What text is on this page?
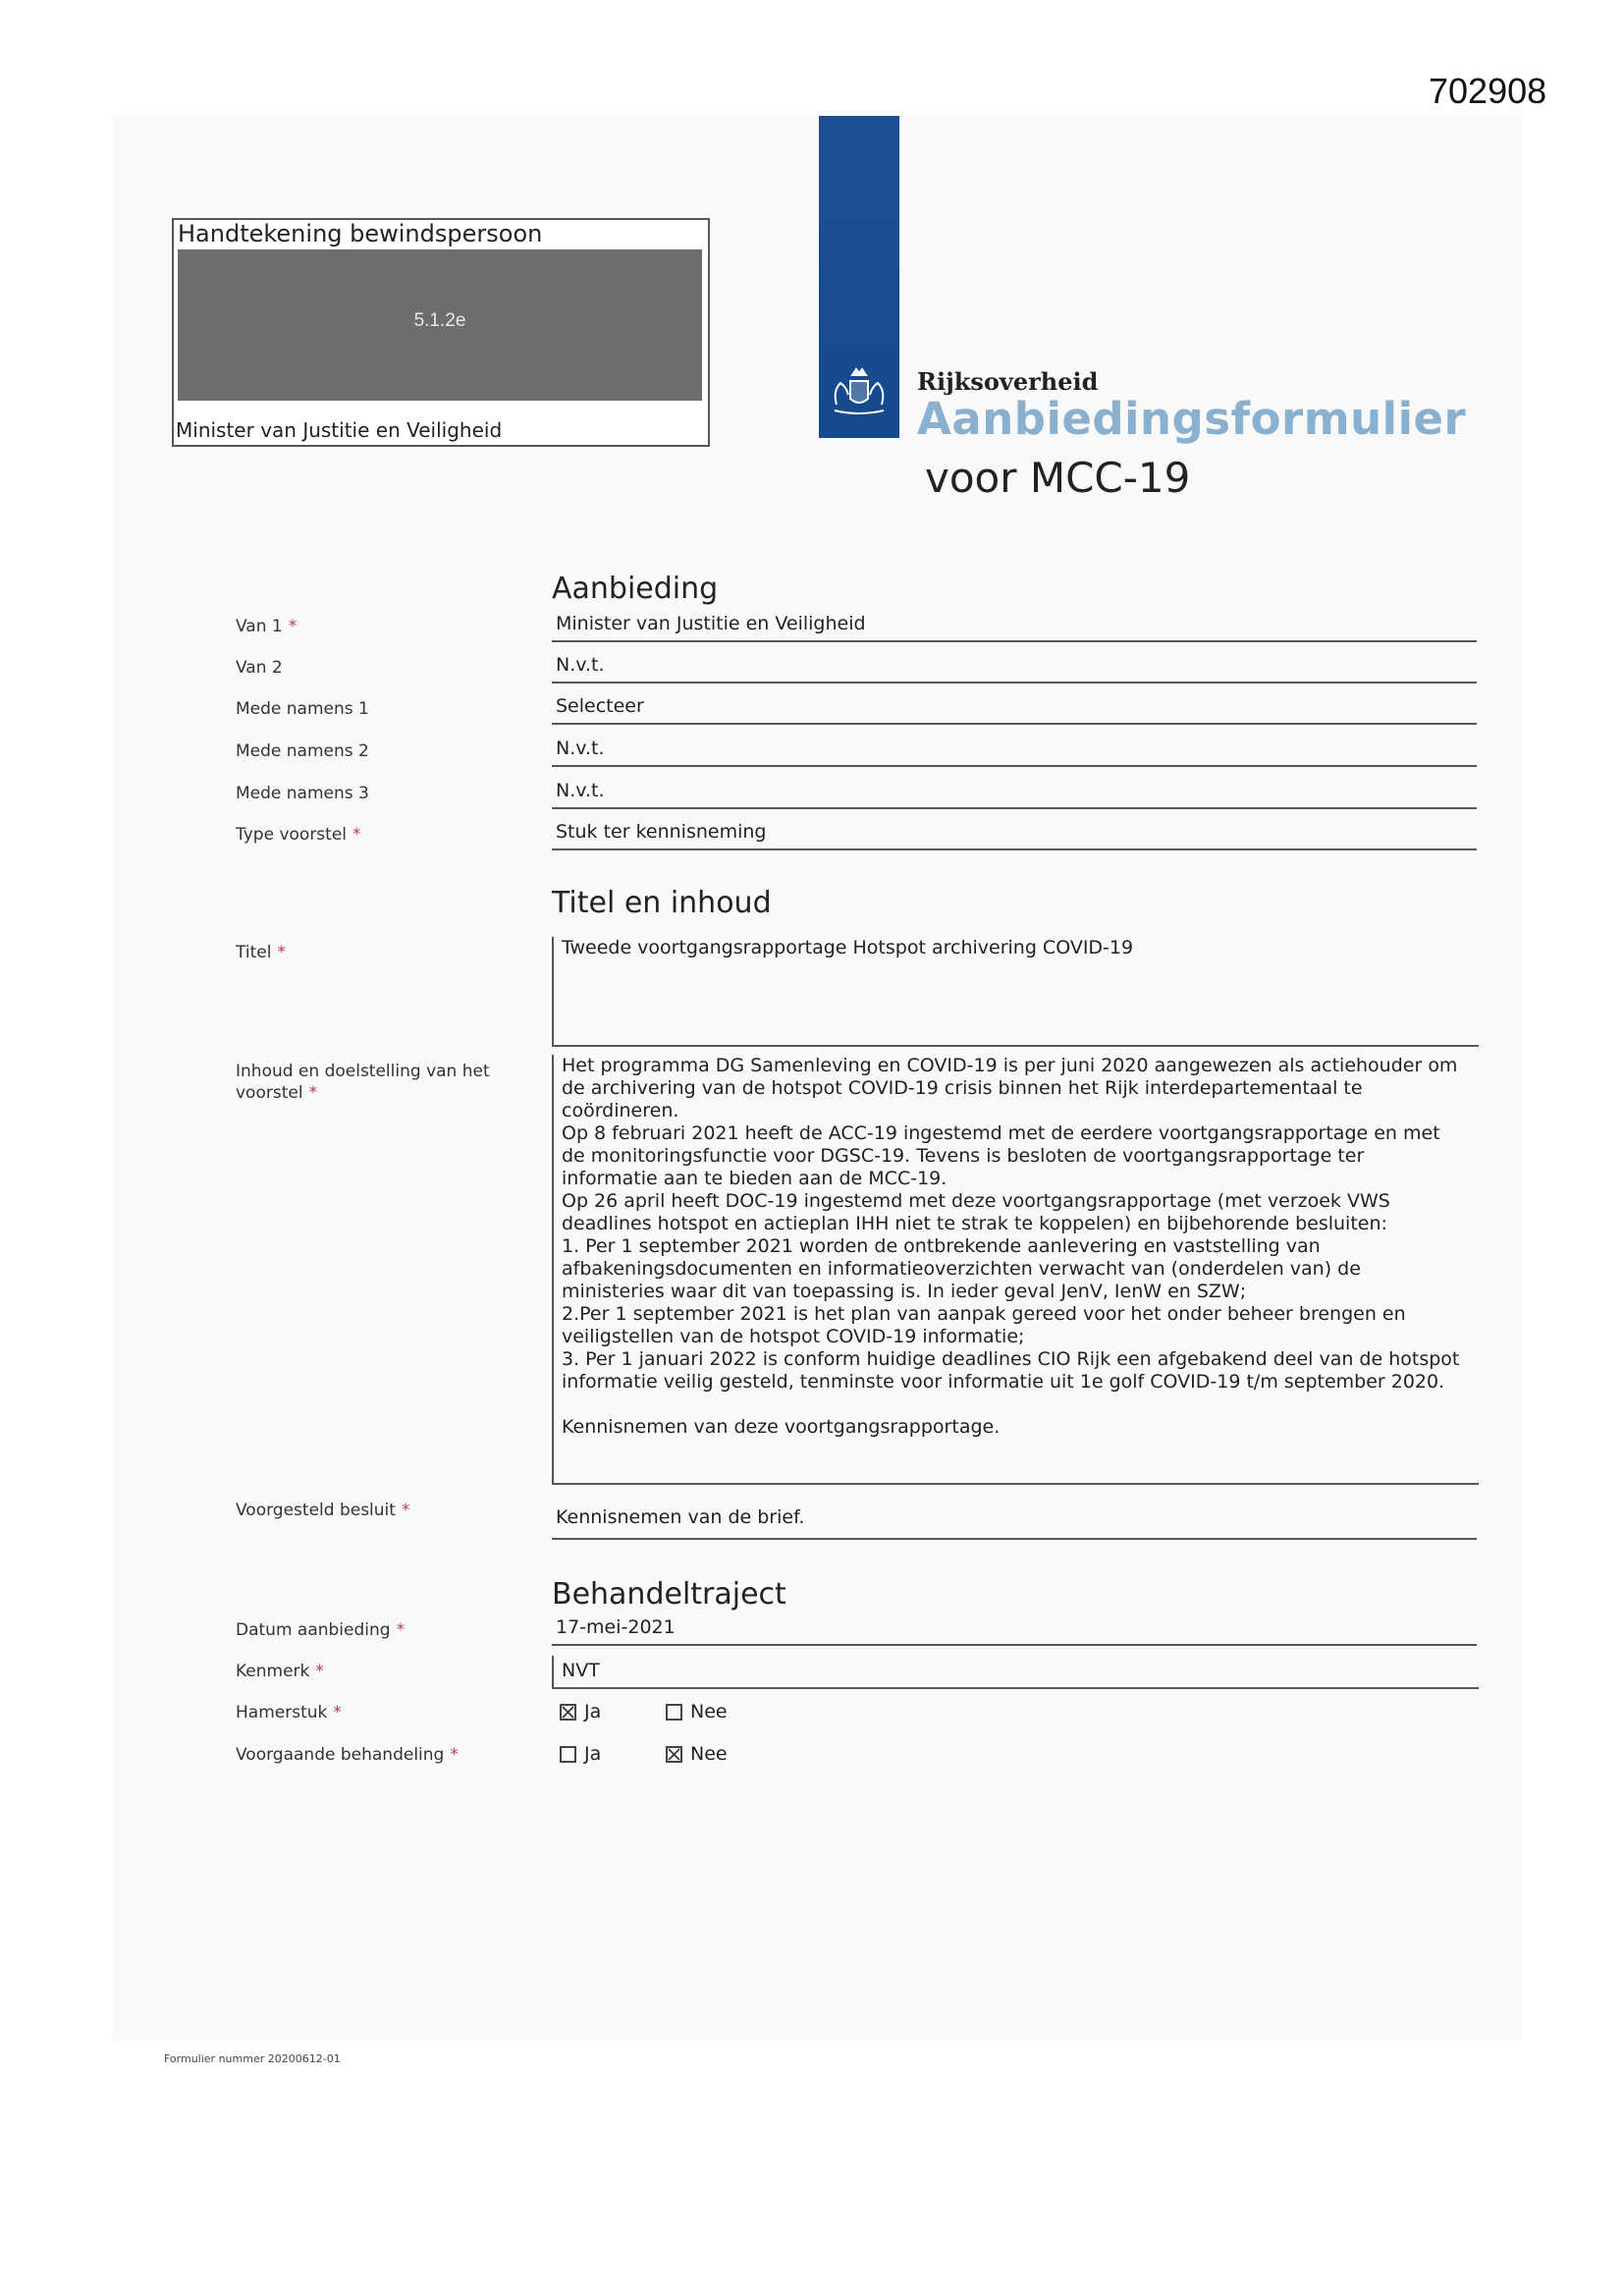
702908
Handtekening bewindspersoon
5.1.2e
Minister van Justitie en Veiligheid
Rijksoverheid
Aanbiedingsformulier
voor MCC-19
Aanbieding
Van 1 *	Minister van Justitie en Veiligheid
Van 2	N.v.t.
Mede namens 1	Selecteer
Mede namens 2	N.v.t.
Mede namens 3	N.v.t.
Type voorstel *	Stuk ter kennisneming
Titel en inhoud
Titel *	Tweede voortgangsrapportage Hotspot archivering COVID-19
Inhoud en doelstelling van het voorstel *

Het programma DG Samenleving en COVID-19 is per juni 2020 aangewezen als actiehouder om de archivering van de hotspot COVID-19 crisis binnen het Rijk interdepartementaal te coördineren.

Op 8 februari 2021 heeft de ACC-19 ingestemd met de eerdere voortgangsrapportage en met de monitoringsfunctie voor DGSC-19. Tevens is besloten de voortgangsrapportage ter informatie aan te bieden aan de MCC-19.

Op 26 april heeft DOC-19 ingestemd met deze voortgangsrapportage (met verzoek VWS deadlines hotspot en actieplan IHH niet te strak te koppelen) en bijbehorende besluiten:

1. Per 1 september 2021 worden de ontbrekende aanlevering en vaststelling van afbakeningsdocumenten en informatieoverzichten verwacht van (onderdelen van) de ministeries waar dit van toepassing is. In ieder geval JenV, IenW en SZW;

2.Per 1 september 2021 is het plan van aanpak gereed voor het onder beheer brengen en veiligstellen van de hotspot COVID-19 informatie;

3. Per 1 januari 2022 is conform huidige deadlines CIO Rijk een afgebakend deel van de hotspot informatie veilig gesteld, tenminste voor informatie uit 1e golf COVID-19 t/m september 2020.

Kennisnemen van deze voortgangsrapportage.

Voorgesteld besluit *	Kennisnemen van de brief.
Behandeltraject
Datum aanbieding *	17-mei-2021
Kenmerk *	NVT
Hamerstuk *	Ja	Nee
Voorgaande behandeling *	Ja	Nee
Formulier nummer 20200612-01
